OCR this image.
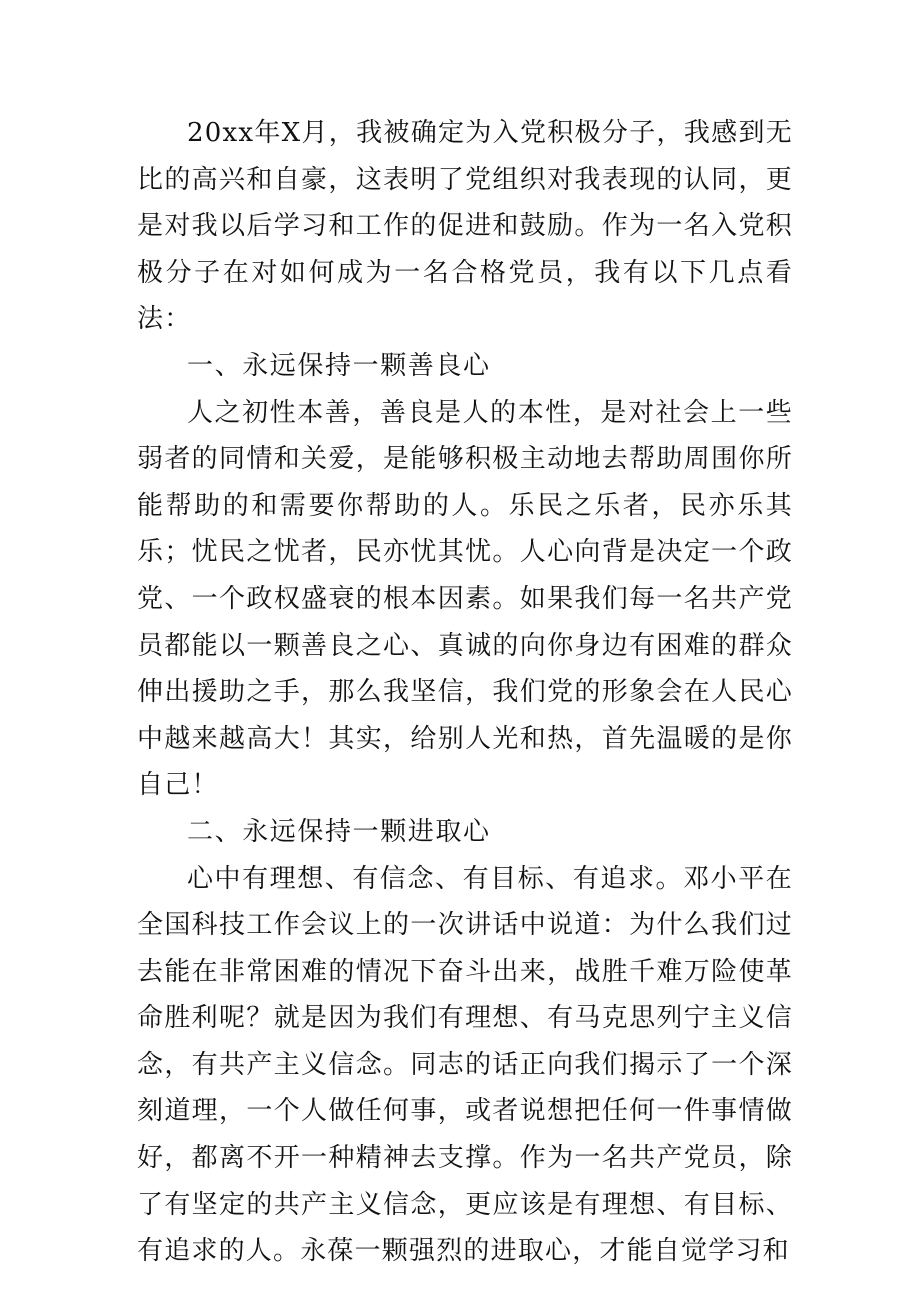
20xx年X月，我被确定为入党积极分子，我感到无比的高兴和自豪，这表明了党组织对我表现的认同，更是对我以后学习和工作的促进和鼓励。作为一名入党积极分子在对如何成为一名合格党员，我有以下几点看法：

一、永远保持一颗善良心

人之初性本善，善良是人的本性，是对社会上一些弱者的同情和关爱，是能够积极主动地去帮助周围你所能帮助的和需要你帮助的人。乐民之乐者，民亦乐其乐；忧民之忧者，民亦忧其忧。人心向背是决定一个政党、一个政权盛衰的根本因素。如果我们每一名共产党员都能以一颗善良之心、真诚的向你身边有困难的群众伸出援助之手，那么我坚信，我们党的形象会在人民心中越来越高大！其实，给别人光和热，首先温暖的是你自己！

二、永远保持一颗进取心

心中有理想、有信念、有目标、有追求。邓小平在全国科技工作会议上的一次讲话中说道：为什么我们过去能在非常困难的情况下奋斗出来，战胜千难万险使革命胜利呢？就是因为我们有理想、有马克思列宁主义信念，有共产主义信念。同志的话正向我们揭示了一个深刻道理，一个人做任何事，或者说想把任何一件事情做好，都离不开一种精神去支撑。作为一名共产党员，除了有坚定的共产主义信念，更应该是有理想、有目标、有追求的人。永葆一颗强烈的进取心，才能自觉学习和
